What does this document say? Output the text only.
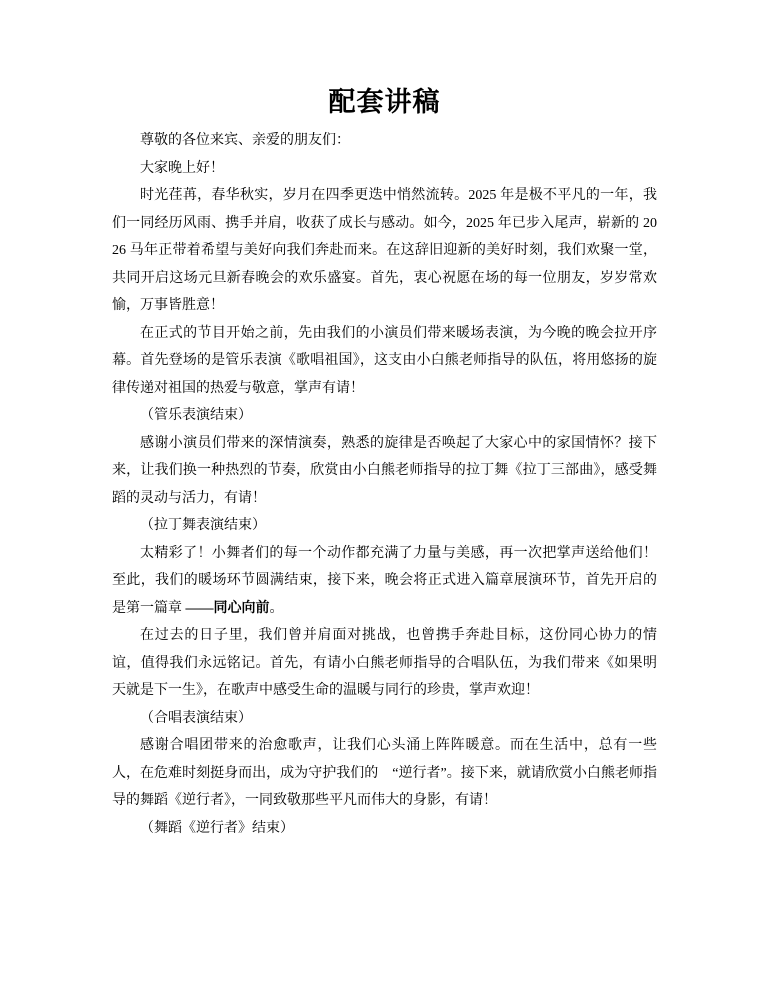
配套讲稿

尊敬的各位来宾、亲爱的朋友们：

大家晚上好！

时光荏苒，春华秋实，岁月在四季更迭中悄然流转。2025 年是极不平凡的一年，我们一同经历风雨、携手并肩，收获了成长与感动。如今，2025 年已步入尾声，崭新的 2026 马年正带着希望与美好向我们奔赴而来。在这辞旧迎新的美好时刻，我们欢聚一堂，共同开启这场元旦新春晚会的欢乐盛宴。首先，衷心祝愿在场的每一位朋友，岁岁常欢愉，万事皆胜意！

在正式的节目开始之前，先由我们的小演员们带来暖场表演，为今晚的晚会拉开序幕。首先登场的是管乐表演《歌唱祖国》，这支由小白熊老师指导的队伍，将用悠扬的旋律传递对祖国的热爱与敬意，掌声有请！

（管乐表演结束）

感谢小演员们带来的深情演奏，熟悉的旋律是否唤起了大家心中的家国情怀？接下来，让我们换一种热烈的节奏，欣赏由小白熊老师指导的拉丁舞《拉丁三部曲》，感受舞蹈的灵动与活力，有请！

（拉丁舞表演结束）

太精彩了！小舞者们的每一个动作都充满了力量与美感，再一次把掌声送给他们！至此，我们的暖场环节圆满结束，接下来，晚会将正式进入篇章展演环节，首先开启的是第一篇章 ——同心向前。

在过去的日子里，我们曾并肩面对挑战，也曾携手奔赴目标，这份同心协力的情谊，值得我们永远铭记。首先，有请小白熊老师指导的合唱队伍，为我们带来《如果明天就是下一生》，在歌声中感受生命的温暖与同行的珍贵，掌声欢迎！

（合唱表演结束）

感谢合唱团带来的治愈歌声，让我们心头涌上阵阵暖意。而在生活中，总有一些人，在危难时刻挺身而出，成为守护我们的　“逆行者”。接下来，就请欣赏小白熊老师指导的舞蹈《逆行者》，一同致敬那些平凡而伟大的身影，有请！

（舞蹈《逆行者》结束）
